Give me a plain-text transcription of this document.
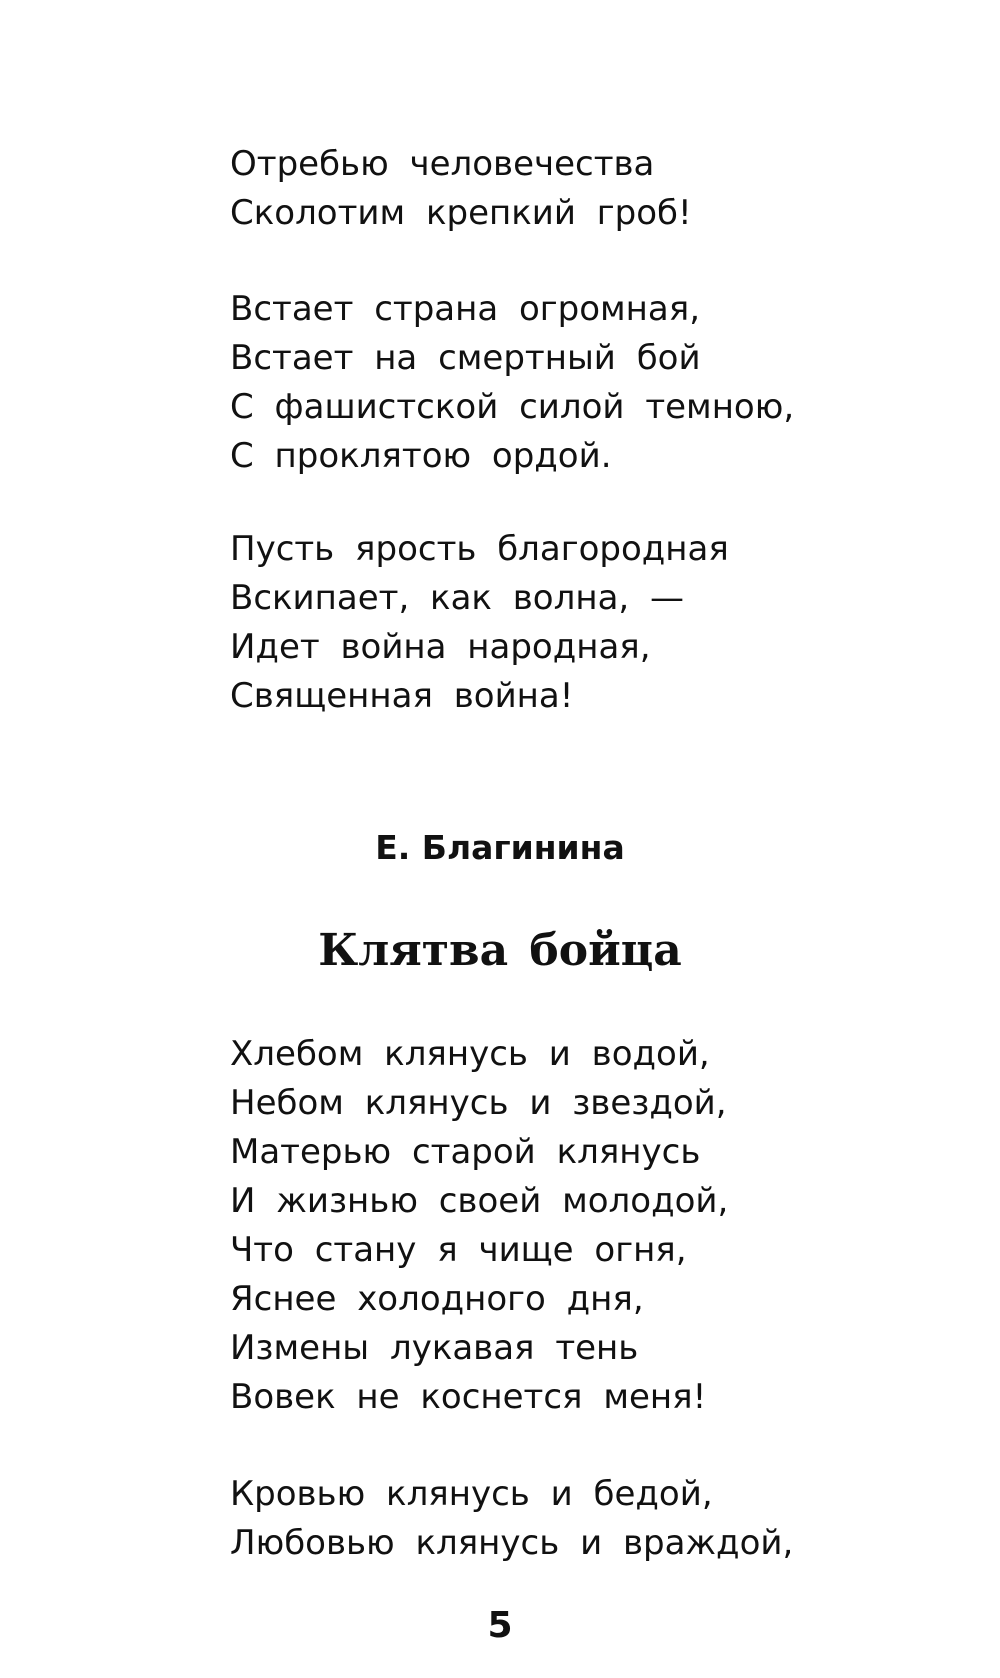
Отребью человечества
Сколотим крепкий гроб!
Встает страна огромная,
Встает на смертный бой
С фашистской силой темною,
С проклятою ордой.
Пусть ярость благородная
Вскипает, как волна, —
Идет война народная,
Священная война!
Е. Благинина
Клятва бойца
Хлебом клянусь и водой,
Небом клянусь и звездой,
Матерью старой клянусь
И жизнью своей молодой,
Что стану я чище огня,
Яснее холодного дня,
Измены лукавая тень
Вовек не коснется меня!
Кровью клянусь и бедой,
Любовью клянусь и враждой,
5
